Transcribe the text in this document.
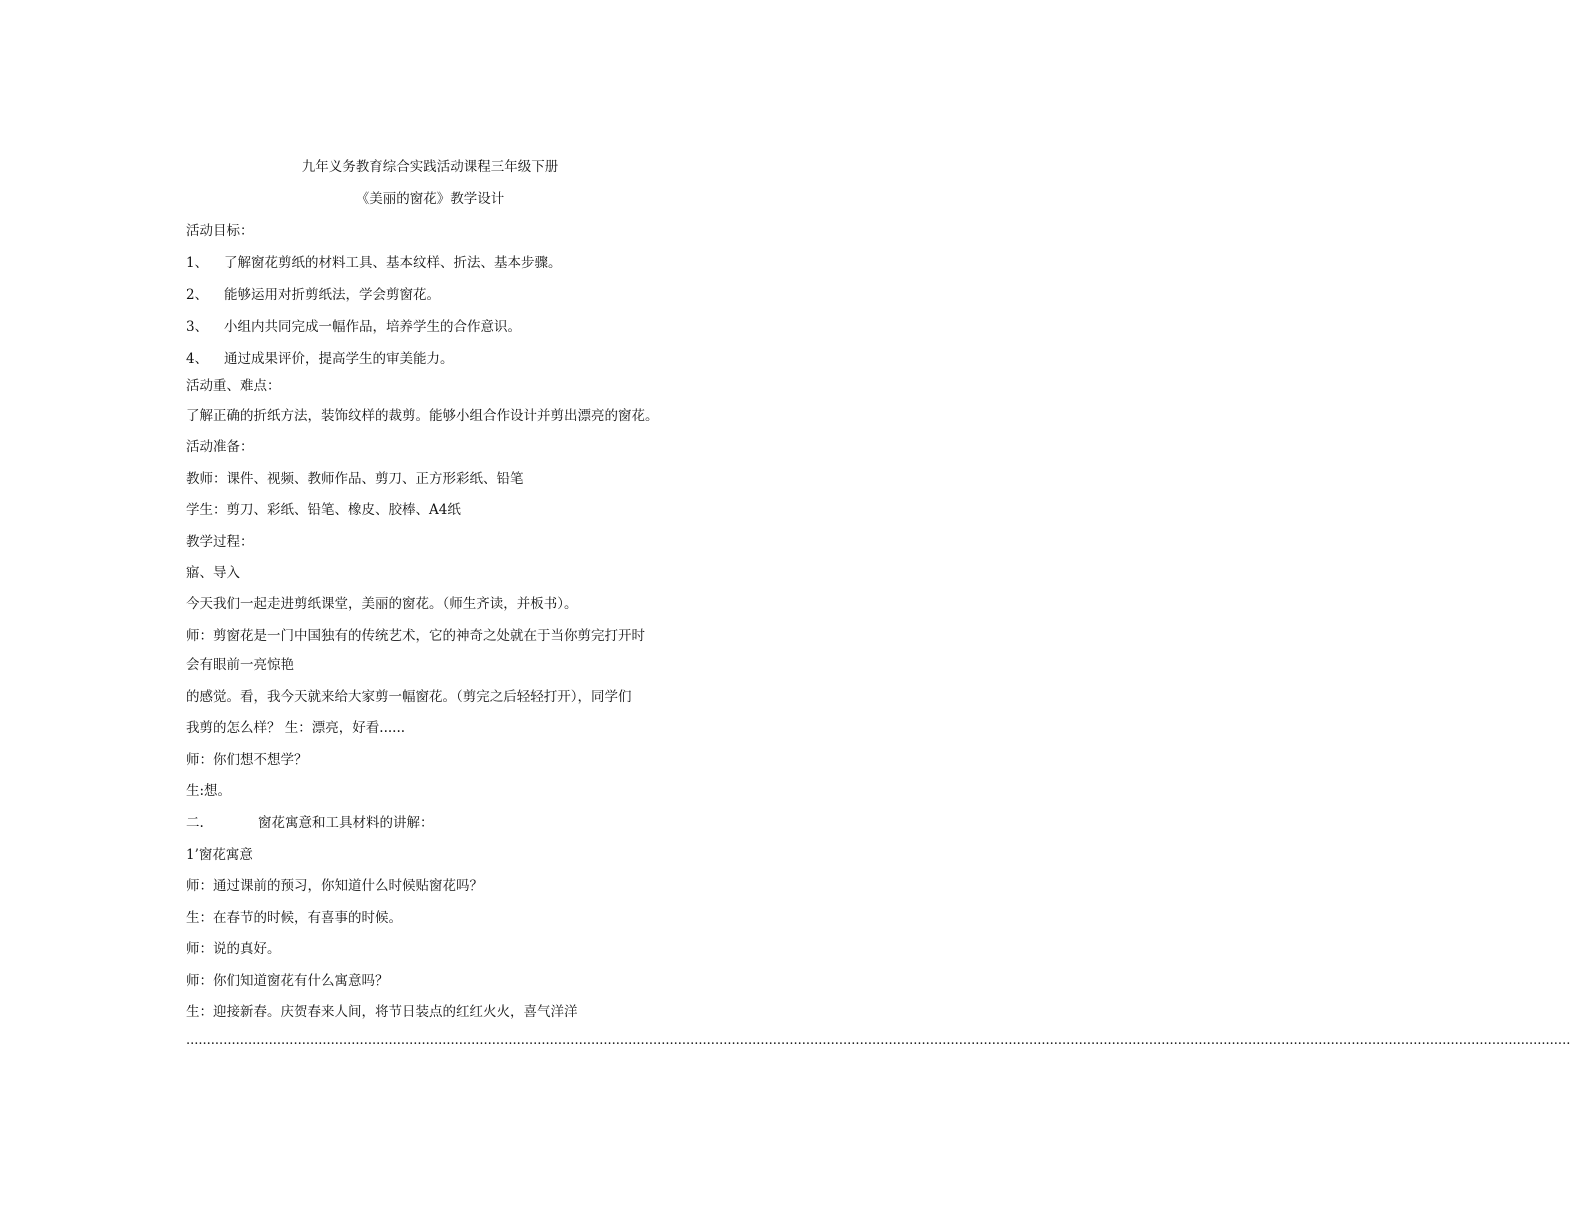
九年义务教育综合实践活动课程三年级下册
《美丽的窗花》教学设计
活动目标：
1、 了解窗花剪纸的材料工具、基本纹样、折法、基本步骤。
2、 能够运用对折剪纸法，学会剪窗花。
3、 小组内共同完成一幅作品，培养学生的合作意识。
4、 通过成果评价，提高学生的审美能力。
活动重、难点：
了解正确的折纸方法，装饰纹样的裁剪。能够小组合作设计并剪出漂亮的窗花。
活动准备：
教师：课件、视频、教师作品、剪刀、正方形彩纸、铅笔
学生：剪刀、彩纸、铅笔、橡皮、胶棒、A4纸
教学过程：
寤、导入
今天我们一起走进剪纸课堂，美丽的窗花。（师生齐读，并板书）。
师：剪窗花是一门中国独有的传统艺术，它的神奇之处就在于当你剪完打开时
会有眼前一亮惊艳
的感觉。看，我今天就来给大家剪一幅窗花。（剪完之后轻轻打开），同学们
我剪的怎么样？ 生：漂亮，好看......
师：你们想不想学？
生:想。
二.	窗花寓意和工具材料的讲解：
1’窗花寓意
师：通过课前的预习，你知道什么时候贴窗花吗？
生：在春节的时候，有喜事的时候。
师：说的真好。
师：你们知道窗花有什么寓意吗？
生：迎接新春。庆贺春来人间，将节日装点的红红火火，喜气洋洋
...............................................................................................................................................................................................................................................................................................................................................
